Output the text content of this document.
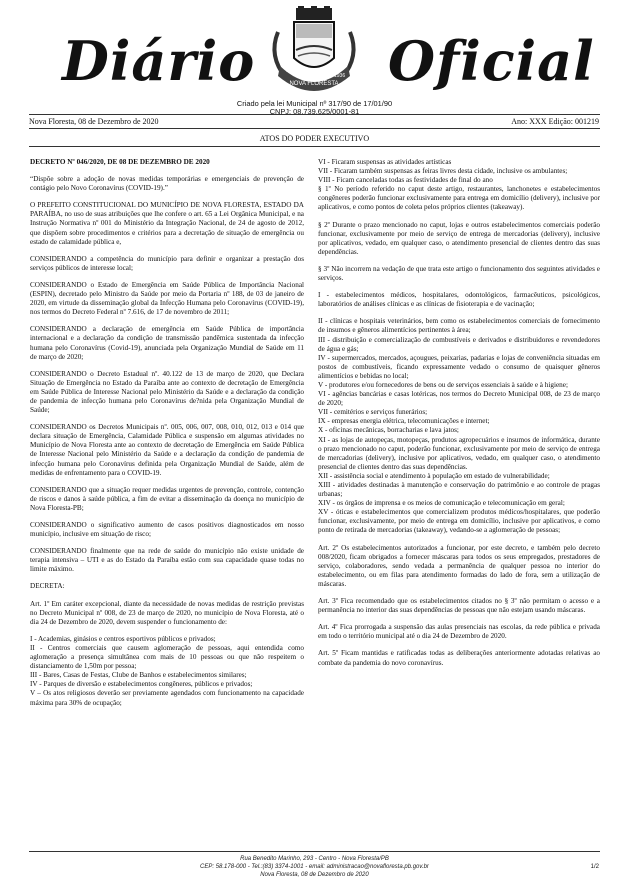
Diário	NOVA FLORESTA
15 DE MAIO
1936 Oficial
Criado pela lei Municipal nº 317/90 de 17/01/90
CNPJ: 08.739.625/0001-81
Nova Floresta, 08 de Dezembro de 2020	Ano: XXX Edição: 001219
ATOS DO PODER EXECUTIVO

DECRETO Nº 046/2020, DE 08 DE DEZEMBRO DE 2020

“Dispõe sobre a adoção de novas medidas temporárias e emergenciais de prevenção de contágio pelo Novo Coronavírus (COVID-19).”

O PREFEITO CONSTITUCIONAL DO MUNICÍPIO DE NOVA FLORESTA, ESTADO DA PARAÍBA, no uso de suas atribuições que lhe confere o art. 65 a Lei Orgânica Municipal, e na Instrução Normativa nº 001 do Ministério da Integração Nacional, de 24 de agosto de 2012, que dispõem sobre procedimentos e critérios para a decretação de situação de emergência ou estado de calamidade pública e,

CONSIDERANDO a competência do município para definir e organizar a prestação dos serviços públicos de interesse local;

CONSIDERANDO o Estado de Emergência em Saúde Pública de Importância Nacional (ESPIN), decretado pelo Ministro da Saúde por meio da Portaria nº 188, de 03 de janeiro de 2020, em virtude da disseminação global da Infecção Humana pelo Coronavírus (COVID-19), nos termos do Decreto Federal nº 7.616, de 17 de novembro de 2011;

CONSIDERANDO a declaração de emergência em Saúde Pública de importância internacional e a declaração da condição de transmissão pandêmica sustentada da infecção humana pelo Coronavírus (Covid-19), anunciada pela Organização Mundial de Saúde em 11 de março de 2020;

CONSIDERANDO o Decreto Estadual nº. 40.122 de 13 de março de 2020, que Declara Situação de Emergência no Estado da Paraíba ante ao contexto de decretação de Emergência em Saúde Pública de Interesse Nacional pelo Ministério da Saúde e a declaração da condição de pandemia de infecção humana pelo Coronavírus de?nida pela Organização Mundial de Saúde;

CONSIDERANDO os Decretos Municipais nº. 005, 006, 007, 008, 010, 012, 013 e 014 que declara situação de Emergência, Calamidade Pública e suspensão em algumas atividades no Município de Nova Floresta ante ao contexto de decretação de Emergência em Saúde Pública de Interesse Nacional pelo Ministério da Saúde e a declaração da condição de pandemia de infecção humana pelo Coronavírus definida pela Organização Mundial de Saúde, além de medidas de enfrentamento para o COVID-19.

CONSIDERANDO que a situação requer medidas urgentes de prevenção, controle, contenção de riscos e danos à saúde pública, a fim de evitar a disseminação da doença no município de Nova Floresta-PB;

CONSIDERANDO o significativo aumento de casos positivos diagnosticados em nosso município, inclusive em situação de risco;

CONSIDERANDO finalmente que na rede de saúde do município não existe unidade de terapia intensiva – UTI e as do Estado da Paraíba estão com sua capacidade quase todas no limite máximo.

DECRETA:

Art. 1º Em caráter excepcional, diante da necessidade de novas medidas de restrição previstas no Decreto Municipal nº 008, de 23 de março de 2020, no município de Nova Floresta, até o dia 24 de Dezembro de 2020, devem suspender o funcionamento de:

I - Academias, ginásios e centros esportivos públicos e privados;

II - Centros comerciais que causem aglomeração de pessoas, aqui entendida como aglomeração a presença simultânea com mais de 10 pessoas ou que não respeitem o distanciamento de 1,50m por pessoa;

III - Bares, Casas de Festas, Clube de Banhos e estabelecimentos similares;

IV - Parques de diversão e estabelecimentos congêneres, públicos e privados;

V – Os atos religiosos deverão ser previamente agendados com funcionamento na capacidade máxima para 30% de ocupação;

VI - Ficaram suspensas as atividades artísticas

VII - Ficaram também suspensas as feiras livres desta cidade, inclusive os ambulantes;

VIII - Ficam canceladas todas as festividades de final do ano

§ 1º No período referido no caput deste artigo, restaurantes, lanchonetes e estabelecimentos congêneres poderão funcionar exclusivamente para entrega em domicílio (delivery), inclusive por aplicativos, e como pontos de coleta pelos próprios clientes (takeaway).

§ 2º Durante o prazo mencionado no caput, lojas e outros estabelecimentos comerciais poderão funcionar, exclusivamente por meio de serviço de entrega de mercadorias (delivery), inclusive por aplicativos, vedado, em qualquer caso, o atendimento presencial de clientes dentro das suas dependências.

§ 3º Não incorrem na vedação de que trata este artigo o funcionamento dos seguintes atividades e serviços.

I - estabelecimentos médicos, hospitalares, odontológicos, farmacêuticos, psicológicos, laboratórios de análises clínicas e as clínicas de fisioterapia e de vacinação;

II - clínicas e hospitais veterinários, bem como os estabelecimentos comerciais de fornecimento de insumos e gêneros alimentícios pertinentes à área;

III - distribuição e comercialização de combustíveis e derivados e distribuidores e revendedores de água e gás;

IV - supermercados, mercados, açougues, peixarias, padarias e lojas de conveniência situadas em postos de combustíveis, ficando expressamente vedado o consumo de quaisquer gêneros alimentícios e bebidas no local;

V - produtores e/ou fornecedores de bens ou de serviços essenciais à saúde e à higiene;

VI - agências bancárias e casas lotéricas, nos termos do Decreto Municipal 008, de 23 de março de 2020;

VII - cemitérios e serviços funerários;

IX - empresas energia elétrica, telecomunicações e internet;

X - oficinas mecânicas, borracharias e lava jatos;

XI - as lojas de autopeças, motopeças, produtos agropecuários e insumos de informática, durante o prazo mencionado no caput, poderão funcionar, exclusivamente por meio de serviço de entrega de mercadorias (delivery), inclusive por aplicativos, vedado, em qualquer caso, o atendimento presencial de clientes dentro das suas dependências.

XII - assistência social e atendimento à população em estado de vulnerabilidade;

XIII - atividades destinadas à manutenção e conservação do patrimônio e ao controle de pragas urbanas;

XIV - os órgãos de imprensa e os meios de comunicação e telecomunicação em geral;

XV - óticas e estabelecimentos que comercializem produtos médicos/hospitalares, que poderão funcionar, exclusivamente, por meio de entrega em domicílio, inclusive por aplicativos, e como ponto de retirada de mercadorias (takeaway), vedando-se a aglomeração de pessoas;

Art. 2º Os estabelecimentos autorizados a funcionar, por este decreto, e também pelo decreto 008/2020, ficam obrigados a fornecer máscaras para todos os seus empregados, prestadores de serviço, colaboradores, sendo vedada a permanência de qualquer pessoa no interior do estabelecimento, ou em filas para atendimento formadas do lado de fora, sem a utilização de máscaras.

Art. 3º Fica recomendado que os estabelecimentos citados no § 3º não permitam o acesso e a permanência no interior das suas dependências de pessoas que não estejam usando máscaras.

Art. 4º Fica prorrogada a suspensão das aulas presenciais nas escolas, da rede pública e privada em todo o território municipal até o dia 24 de Dezembro de 2020.

Art. 5º Ficam mantidas e ratificadas todas as deliberações anteriormente adotadas relativas ao combate da pandemia do novo coronavírus.

Rua Benedito Marinho, 293 - Centro - Nova Floresta/PB
CEP: 58.178-000 - Tel.:(83) 3374-1001 - email: administracao@novafloresta.pb.gov.br
Nova Floresta, 08 de Dezembro de 2020
1/2
